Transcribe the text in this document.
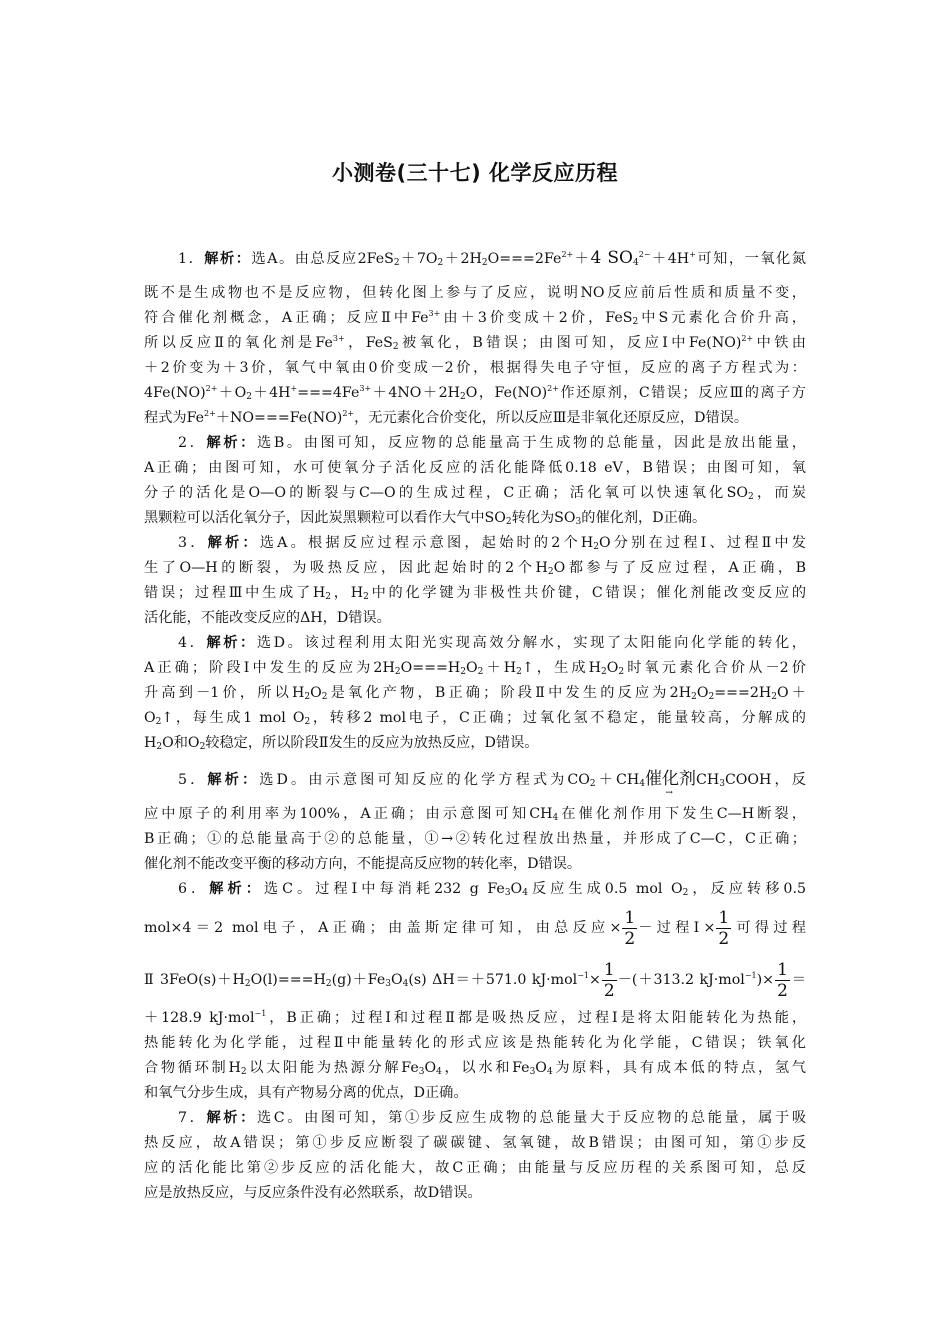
小测卷(三十七) 化学反应历程
1．解析：选A。由总反应$2FeS_2+7O_2+2H_2O===2Fe^{2+}+4$ $SO_4^{2-}+4H^+$可知，一氧化氮
既不是生成物也不是反应物，但转化图上参与了反应，说明NO反应前后性质和质量不变，
符合催化剂概念，A正确；反应Ⅱ中$Fe^{3+}$由＋3价变成＋2价，FeS$_2$中S元素化合价升高，
所以反应Ⅱ的氧化剂是$Fe^{3+}$，FeS$_2$被氧化，B错误；由图可知，反应Ⅰ中Fe(NO)$^{2+}$中铁由
＋2价变为＋3价，氧气中氧由0价变成－2价，根据得失电子守恒，反应的离子方程式为：
$4Fe(NO)^{2+}+O_2+4H^+===4Fe^{3+}+4NO+2H_2O$，Fe(NO)$^{2+}$作还原剂，C错误；反应Ⅲ的离子方
程式为$Fe^{2+}+NO===Fe(NO)^{2+}$，无元素化合价变化，所以反应Ⅲ是非氧化还原反应，D错误。
2．解析：选B。由图可知，反应物的总能量高于生成物的总能量，因此是放出能量，
A正确；由图可知，水可使氧分子活化反应的活化能降低0.18 eV，B错误；由图可知，氧
分子的活化是O—O的断裂与C—O的生成过程，C正确；活化氧可以快速氧化$SO_2$，而炭
黑颗粒可以活化氧分子，因此炭黑颗粒可以看作大气中$SO_2$转化为$SO_3$的催化剂，D正确。
3．解析：选A。根据反应过程示意图，起始时的2个$H_2O$分别在过程Ⅰ、过程Ⅱ中发
生了O—H的断裂，为吸热反应，因此起始时的2个$H_2O$都参与了反应过程，A正确，B
错误；过程Ⅲ中生成了$H_2$，$H_2$中的化学键为非极性共价键，C错误；催化剂能改变反应的
活化能，不能改变反应的ΔH，D错误。
4．解析：选D。该过程利用太阳光实现高效分解水，实现了太阳能向化学能的转化，
A正确；阶段Ⅰ中发生的反应为$2H_2O===H_2O_2+H_2↑$，生成$H_2O_2$时氧元素化合价从－2价
升高到－1价，所以$H_2O_2$是氧化产物，B正确；阶段Ⅱ中发生的反应为$2H_2O_2===2H_2O+$
$O_2↑$，每生成1 mol $O_2$，转移2 mol电子，C正确；过氧化氢不稳定，能量较高，分解成的
$H_2O$和$O_2$较稳定，所以阶段Ⅱ发生的反应为放热反应，D错误。
5．解析：选D。由示意图可知反应的化学方程式为$CO_2+CH_4$催化剂
→
$CH_3COOH$，反
应中原子的利用率为100%，A正确；由示意图可知$CH_4$在催化剂作用下发生C—H断裂，
B正确；①的总能量高于②的总能量，①→②转化过程放出热量，并形成了C—C，C正确；
催化剂不能改变平衡的移动方向，不能提高反应物的转化率，D错误。
6．解析：选C。过程Ⅰ中每消耗232 g $Fe_3O_4$反应生成0.5 mol $O_2$，反应转移0.5
mol×4＝2 mol电子，A正确；由盖斯定律可知，由总反应× $\frac{1}{2}$ －过程Ⅰ× $\frac{1}{2}$ 可得过程
Ⅱ $3FeO(s)+H_2O(l)===H_2(g)+Fe_3O_4(s)$ ΔH＝＋571.0 $kJ\cdot mol^{-1}\times \frac{1}{2} -(+313.2$ $kJ\cdot mol^{-1})\times \frac{1}{2}$ ＝
＋128.9 kJ·mol$^{-1}$，B正确；过程Ⅰ和过程Ⅱ都是吸热反应，过程Ⅰ是将太阳能转化为热能，
热能转化为化学能，过程Ⅱ中能量转化的形式应该是热能转化为化学能，C错误；铁氧化
合物循环制$H_2$以太阳能为热源分解$Fe_3O_4$，以水和$Fe_3O_4$为原料，具有成本低的特点，氢气
和氧气分步生成，具有产物易分离的优点，D正确。
7．解析：选C。由图可知，第①步反应生成物的总能量大于反应物的总能量，属于吸
热反应，故A错误；第①步反应断裂了碳碳键、氢氧键，故B错误；由图可知，第①步反
应的活化能比第②步反应的活化能大，故C正确；由能量与反应历程的关系图可知，总反
应是放热反应，与反应条件没有必然联系，故D错误。
